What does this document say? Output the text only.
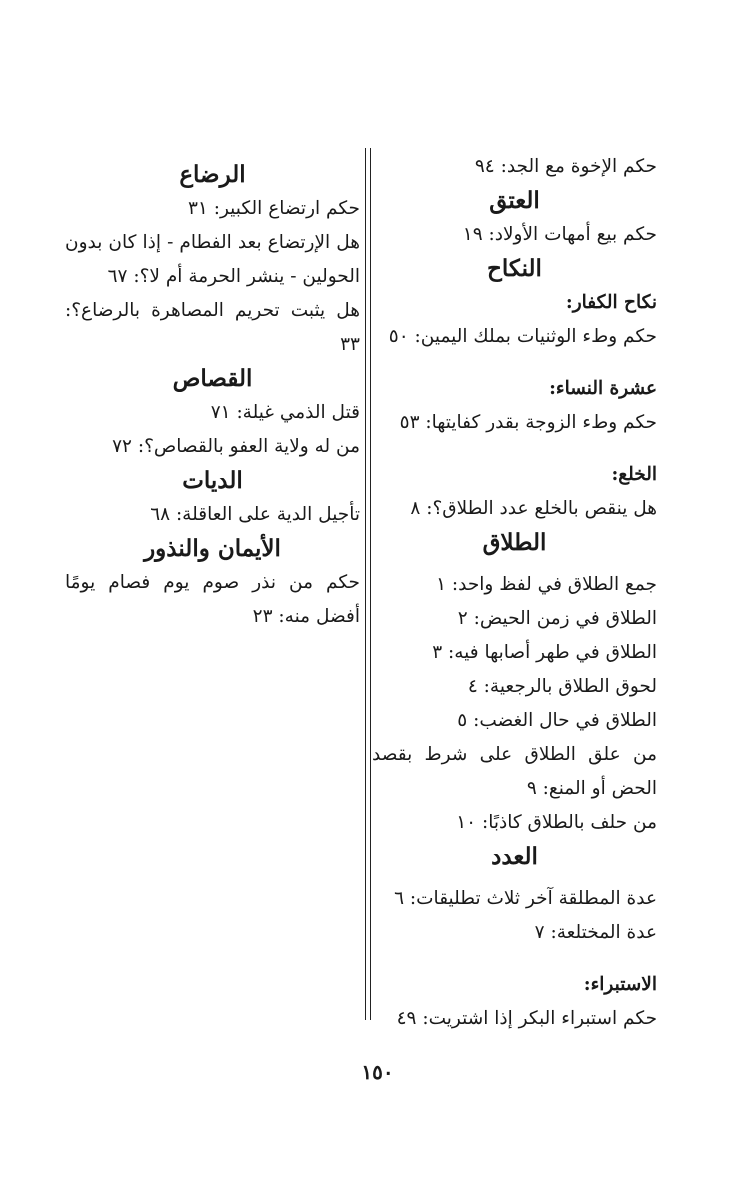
حكم الإخوة مع الجد: ٩٤

العتق

حكم بيع أمهات الأولاد: ١٩

النكاح

نكاح الكفار:

حكم وطء الوثنيات بملك اليمين: ٥٠

عشرة النساء:

حكم وطء الزوجة بقدر كفايتها: ٥٣

الخلع:

هل ينقص بالخلع عدد الطلاق؟: ٨

الطلاق

جمع الطلاق في لفظ واحد: ١

الطلاق في زمن الحيض: ٢

الطلاق في طهر أصابها فيه: ٣

لحوق الطلاق بالرجعية: ٤

الطلاق في حال الغضب: ٥

من علق الطلاق على شرط بقصد الحض أو المنع: ٩

من حلف بالطلاق كاذبًا: ١٠

العدد

عدة المطلقة آخر ثلاث تطليقات: ٦

عدة المختلعة: ٧

الاستبراء:

حكم استبراء البكر إذا اشتريت: ٤٩

الرضاع

حكم ارتضاع الكبير: ٣١

هل الإرتضاع بعد الفطام - إذا كان بدون الحولين - ينشر الحرمة أم لا؟: ٦٧

هل يثبت تحريم المصاهرة بالرضاع؟: ٣٣

القصاص

قتل الذمي غيلة: ٧١

من له ولاية العفو بالقصاص؟: ٧٢

الديات

تأجيل الدية على العاقلة: ٦٨

الأيمان والنذور

حكم من نذر صوم يوم فصام يومًا أفضل منه: ٢٣

١٥٠
